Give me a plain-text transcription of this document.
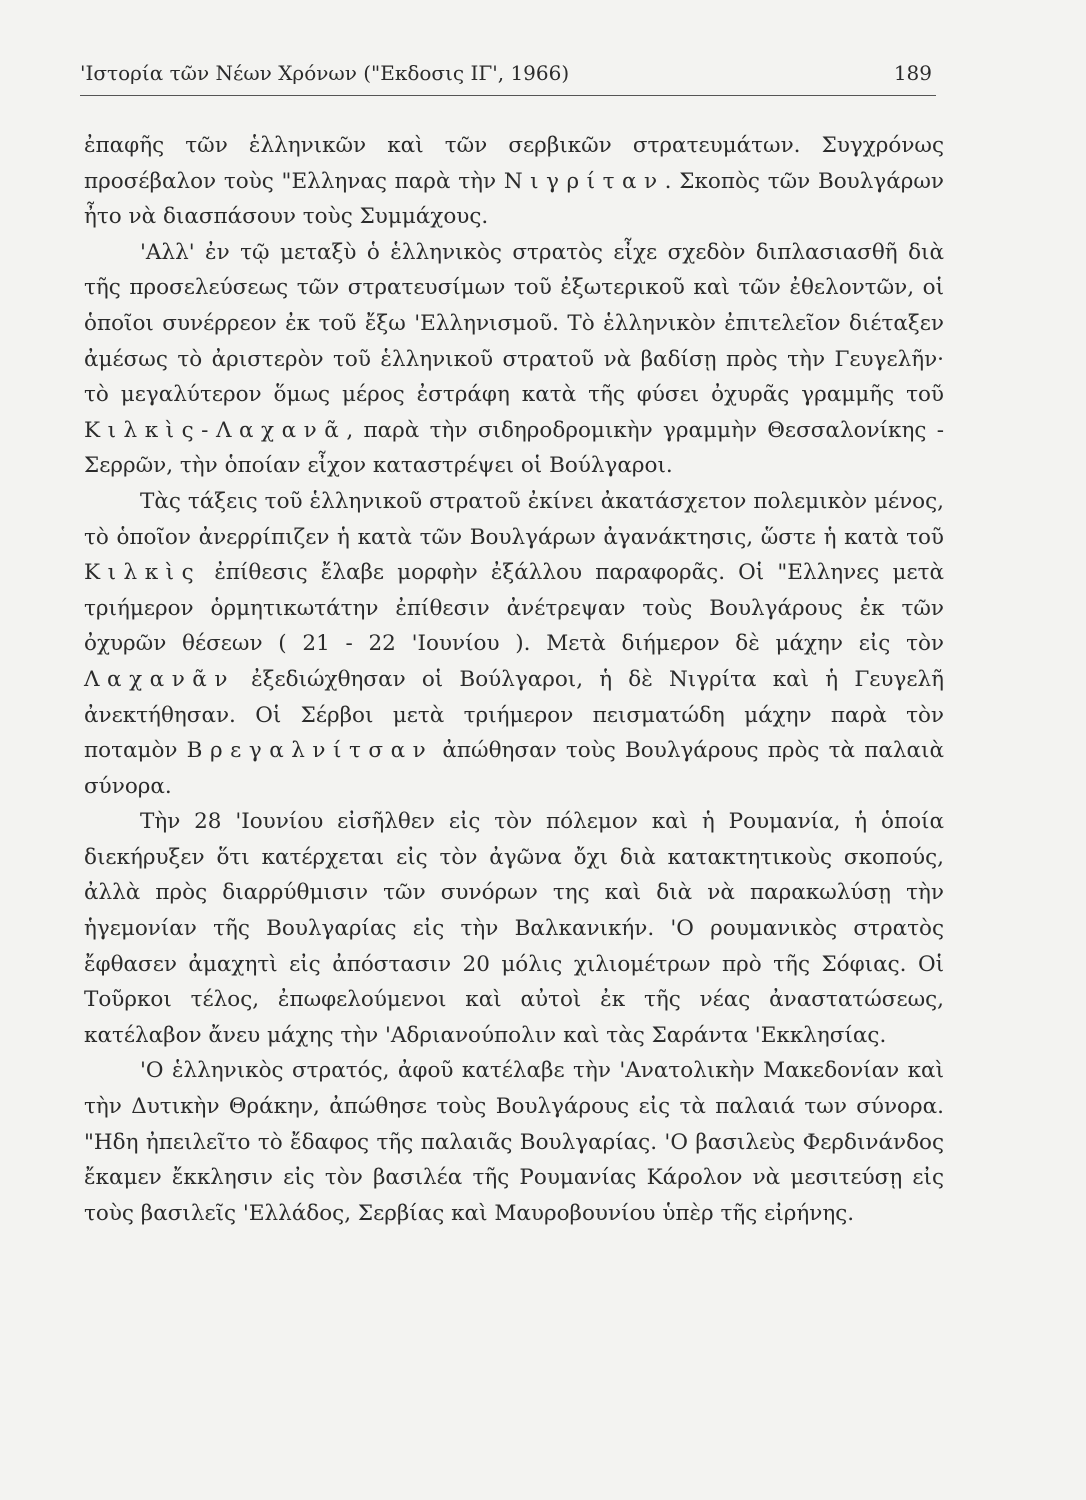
'Ιστορία τῶν Νέων Χρόνων ("Εκδοσις ΙΓ', 1966)	189

ἐπαφῆς τῶν ἑλληνικῶν καὶ τῶν σερβικῶν στρατευμάτων. Συγχρόνως προσέβαλον τοὺς "Ελληνας παρὰ τὴν Νιγρίταν. Σκοπὸς τῶν Βουλγάρων ἦτο νὰ διασπάσουν τοὺς Συμμάχους.

'Αλλ' ἐν τῷ μεταξὺ ὁ ἑλληνικὸς στρατὸς εἶχε σχεδὸν διπλασιασθῆ διὰ τῆς προσελεύσεως τῶν στρατευσίμων τοῦ ἐξωτερικοῦ καὶ τῶν ἐθελοντῶν, οἱ ὁποῖοι συνέρρεον ἐκ τοῦ ἔξω 'Ελληνισμοῦ. Τὸ ἑλληνικὸν ἐπιτελεῖον διέταξεν ἀμέσως τὸ ἀριστερὸν τοῦ ἑλληνικοῦ στρατοῦ νὰ βαδίσῃ πρὸς τὴν Γευγελῆν· τὸ μεγαλύτερον ὅμως μέρος ἐστράφη κατὰ τῆς φύσει ὀχυρᾶς γραμμῆς τοῦ Κιλκὶς-Λαχανᾶ, παρὰ τὴν σιδηροδρομικὴν γραμμὴν Θεσσαλονίκης - Σερρῶν, τὴν ὁποίαν εἶχον καταστρέψει οἱ Βούλγαροι.

Τὰς τάξεις τοῦ ἑλληνικοῦ στρατοῦ ἐκίνει ἀκατάσχετον πολεμικὸν μένος, τὸ ὁποῖον ἀνερρίπιζεν ἡ κατὰ τῶν Βουλγάρων ἀγανάκτησις, ὥστε ἡ κατὰ τοῦ Κιλκὶς ἐπίθεσις ἔλαβε μορφὴν ἐξάλλου παραφορᾶς. Οἱ "Ελληνες μετὰ τριήμερον ὁρμητικωτάτην ἐπίθεσιν ἀνέτρεψαν τοὺς Βουλγάρους ἐκ τῶν ὀχυρῶν θέσεων ( 21 - 22 'Ιουνίου ). Μετὰ διήμερον δὲ μάχην εἰς τὸν Λαχανᾶν ἐξεδιώχθησαν οἱ Βούλγαροι, ἡ δὲ Νιγρίτα καὶ ἡ Γευγελῆ ἀνεκτήθησαν. Οἱ Σέρβοι μετὰ τριήμερον πεισματώδη μάχην παρὰ τὸν ποταμὸν Βρεγαλνίτσαν ἀπώθησαν τοὺς Βουλγάρους πρὸς τὰ παλαιὰ σύνορα.

Τὴν 28 'Ιουνίου εἰσῆλθεν εἰς τὸν πόλεμον καὶ ἡ Ρουμανία, ἡ ὁποία διεκήρυξεν ὅτι κατέρχεται εἰς τὸν ἀγῶνα ὄχι διὰ κατακτητικοὺς σκοπούς, ἀλλὰ πρὸς διαρρύθμισιν τῶν συνόρων της καὶ διὰ νὰ παρακωλύσῃ τὴν ἡγεμονίαν τῆς Βουλγαρίας εἰς τὴν Βαλκανικήν. 'Ο ρουμανικὸς στρατὸς ἔφθασεν ἀμαχητὶ εἰς ἀπόστασιν 20 μόλις χιλιομέτρων πρὸ τῆς Σόφιας. Οἱ Τοῦρκοι τέλος, ἐπωφελούμενοι καὶ αὐτοὶ ἐκ τῆς νέας ἀναστατώσεως, κατέλαβον ἄνευ μάχης τὴν 'Αδριανούπολιν καὶ τὰς Σαράντα 'Εκκλησίας.

'Ο ἑλληνικὸς στρατός, ἀφοῦ κατέλαβε τὴν 'Ανατολικὴν Μακεδονίαν καὶ τὴν Δυτικὴν Θράκην, ἀπώθησε τοὺς Βουλγάρους εἰς τὰ παλαιά των σύνορα. "Ηδη ἠπειλεῖτο τὸ ἔδαφος τῆς παλαιᾶς Βουλγαρίας. 'Ο βασιλεὺς Φερδινάνδος ἔκαμεν ἔκκλησιν εἰς τὸν βασιλέα τῆς Ρουμανίας Κάρολον νὰ μεσιτεύσῃ εἰς τοὺς βασιλεῖς 'Ελλάδος, Σερβίας καὶ Μαυροβουνίου ὑπὲρ τῆς εἰρήνης.
